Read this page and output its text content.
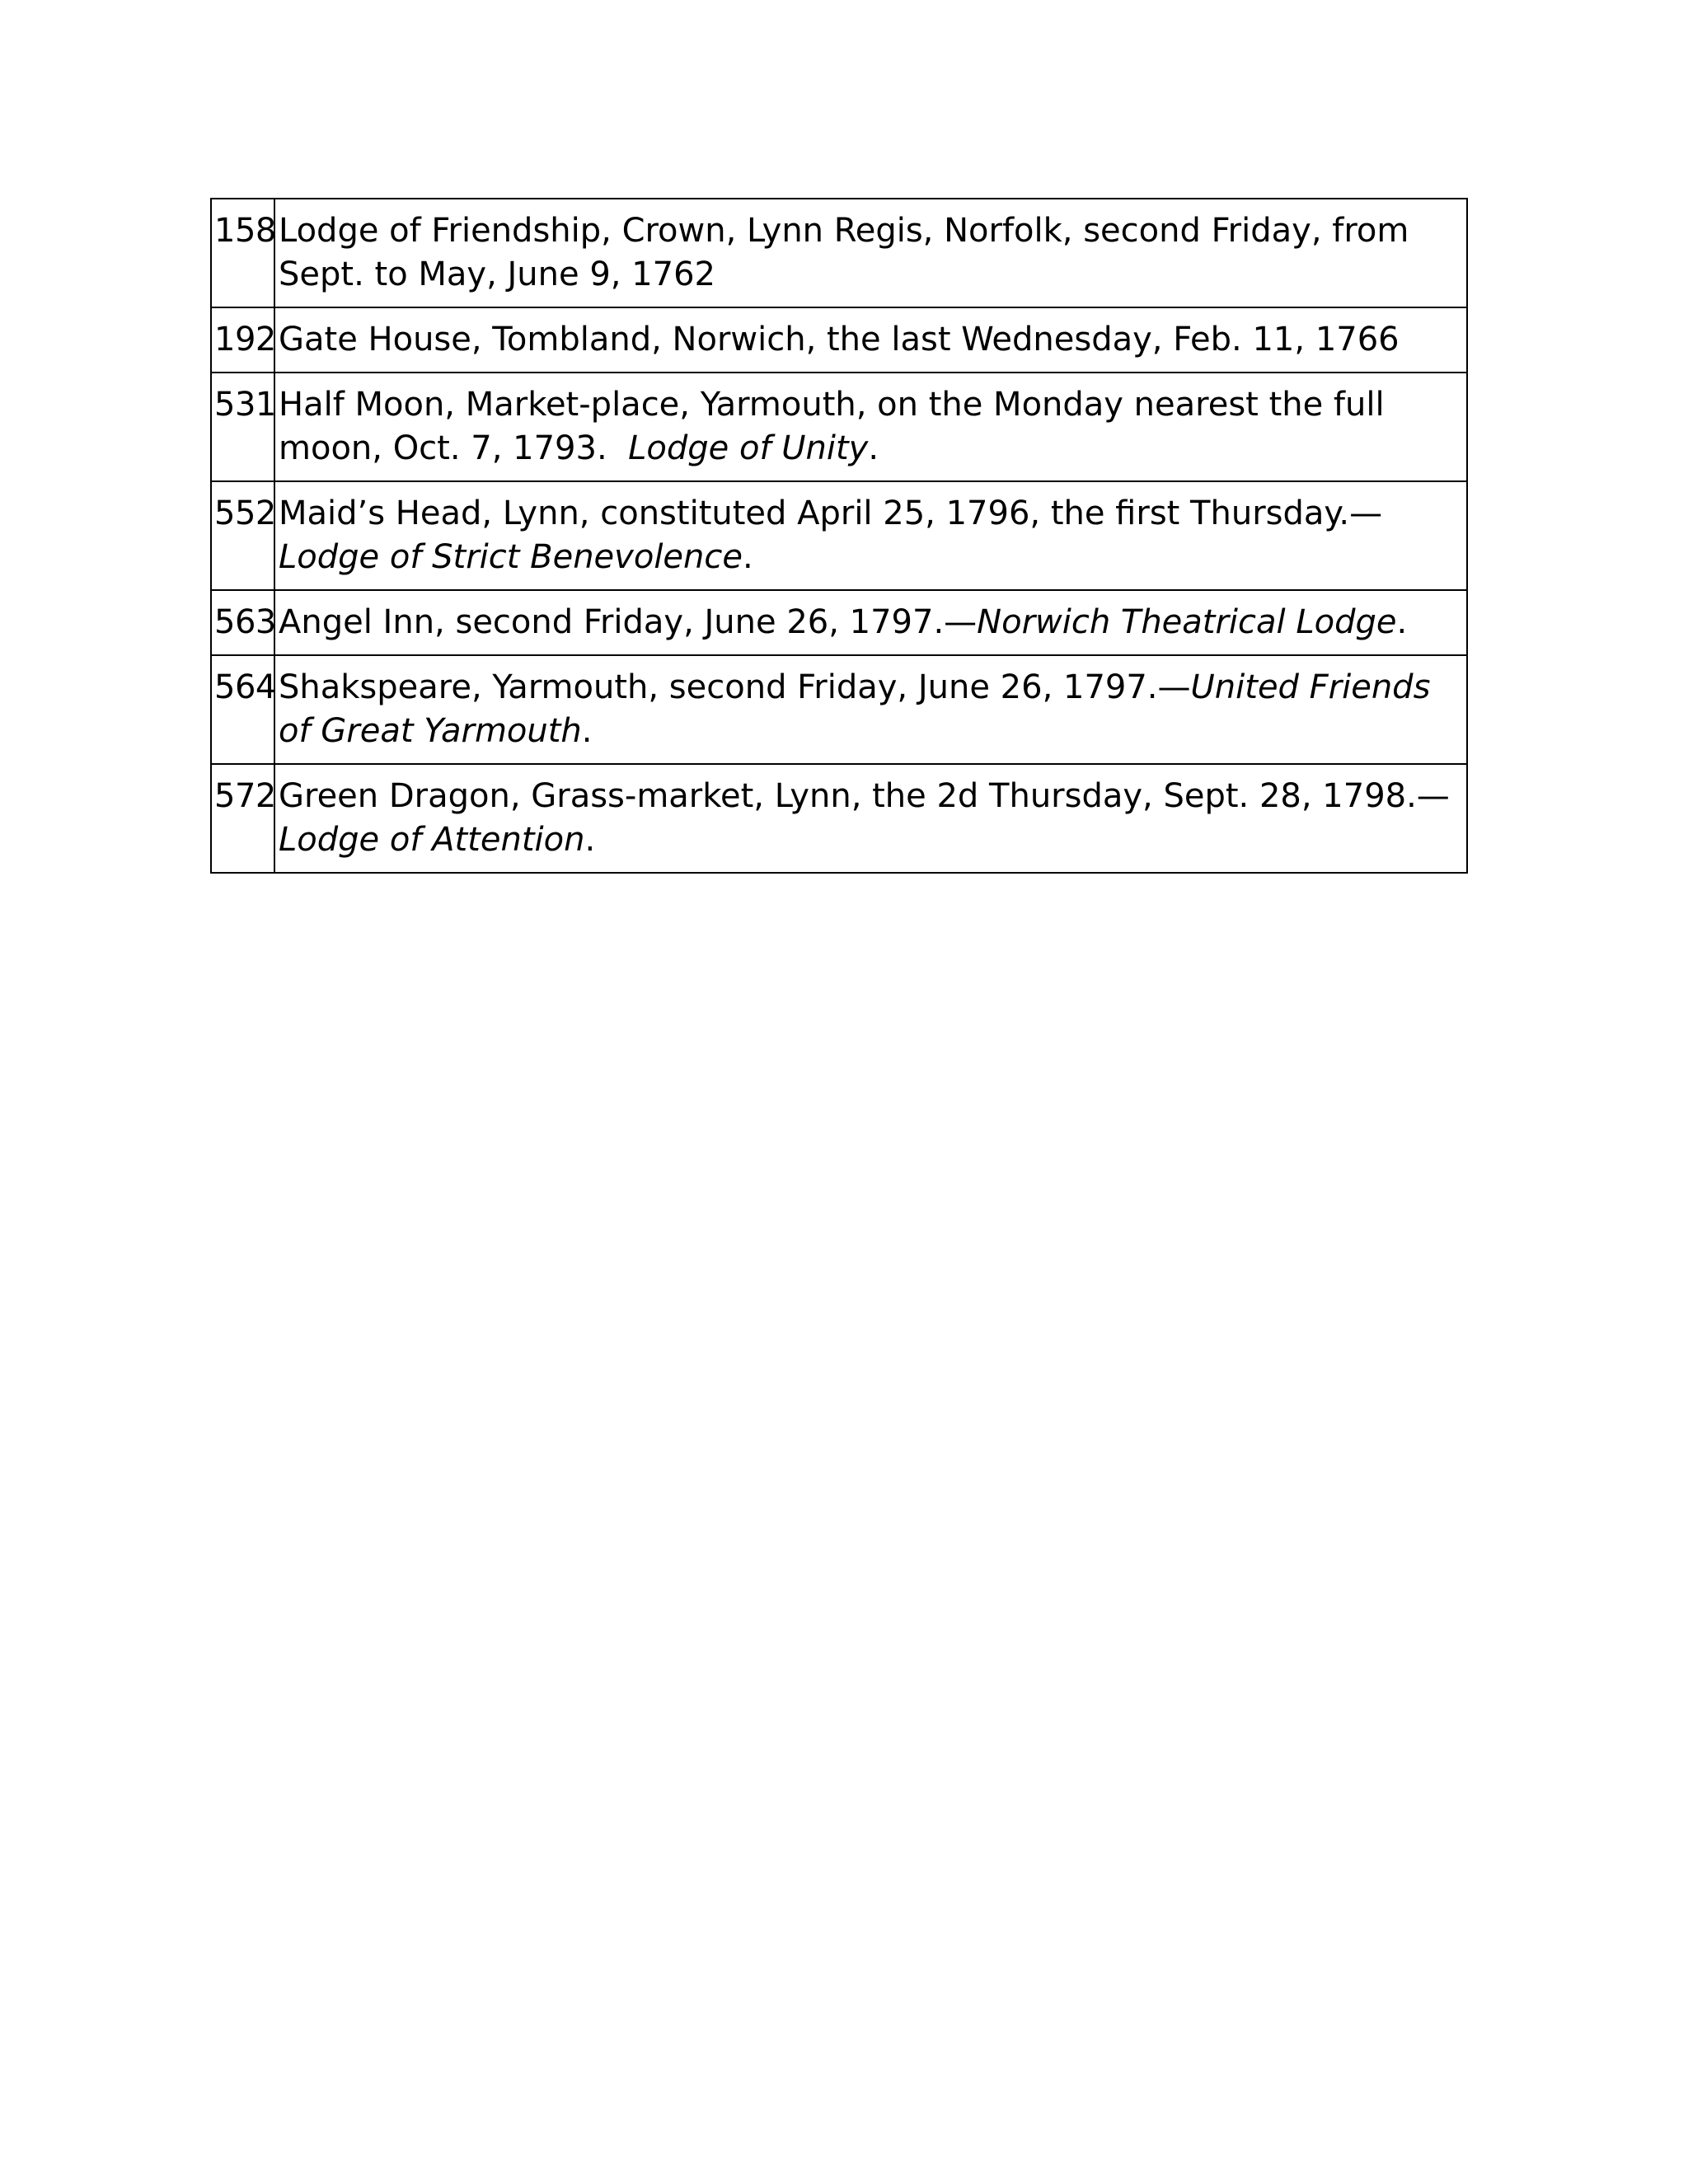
158	Lodge of Friendship, Crown, Lynn Regis, Norfolk, second Friday, from Sept. to May, June 9, 1762
192	Gate House, Tombland, Norwich, the last Wednesday, Feb. 11, 1766
531	Half Moon, Market-place, Yarmouth, on the Monday nearest the full moon, Oct. 7, 1793.  Lodge of Unity.
552	Maid’s Head, Lynn, constituted April 25, 1796, the first Thursday.—Lodge of Strict Benevolence.
563	Angel Inn, second Friday, June 26, 1797.—Norwich Theatrical Lodge.
564	Shakspeare, Yarmouth, second Friday, June 26, 1797.—United Friends of Great Yarmouth.
572	Green Dragon, Grass-market, Lynn, the 2d Thursday, Sept. 28, 1798.—Lodge of Attention.
